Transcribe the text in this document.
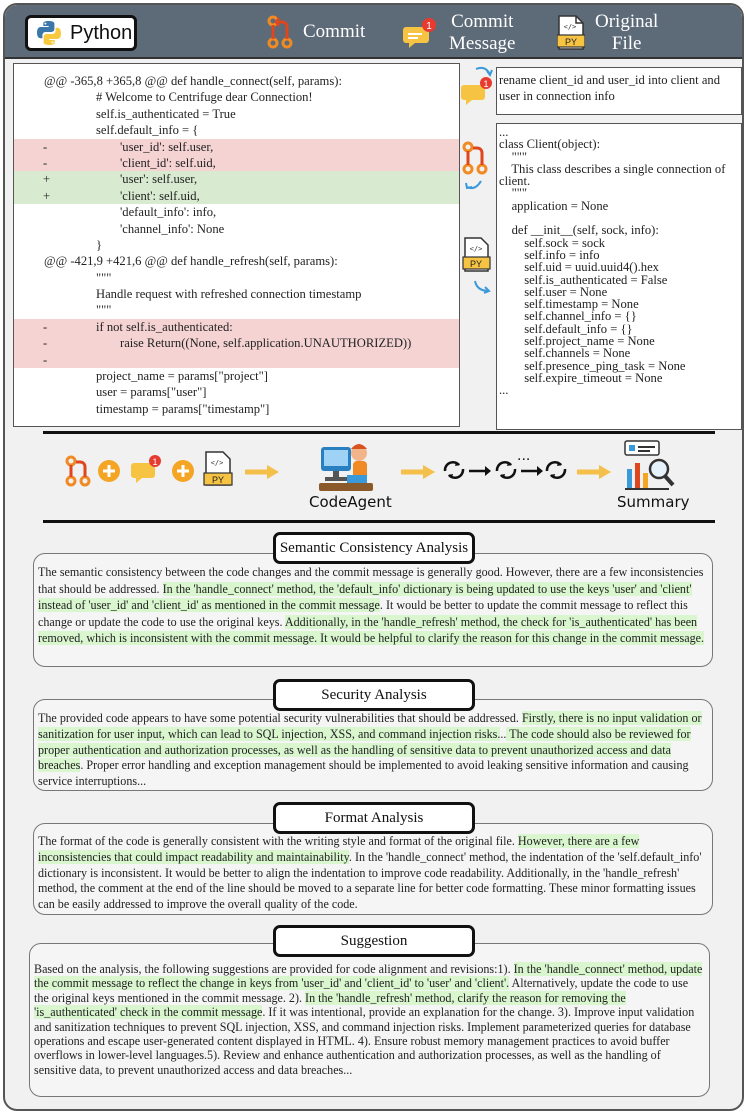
Python	Commit	1 Commit
Message
</>
PY
Original
File
@@ -365,8 +365,8 @@ def handle_connect(self, params):
# Welcome to Centrifuge dear Connection!
self.is_authenticated = True
self.default_info = {
-	'user_id': self.user,
-	'client_id': self.uid,
+	'user': self.user,
+	'client': self.uid,
'default_info': info,
'channel_info': None
}
@@ -421,9 +421,6 @@ def handle_refresh(self, params):
"""
Handle request with refreshed connection timestamp
"""
-	if not self.is_authenticated:
-	raise Return((None, self.application.UNAUTHORIZED))
-
project_name = params["project"]
user = params["user"]
timestamp = params["timestamp"]
rename client_id and user_id into client and user in connection info
...
class Client(object):
"""
This class describes a single connection of
client.
"""
application = None
def __init__(self, sock, info):
self.sock = sock
self.info = info
self.uid = uuid.uuid4().hex
self.is_authenticated = False
self.user = None
self.timestamp = None
self.channel_info = {}
self.default_info = {}
self.project_name = None
self.channels = None
self.presence_ping_task = None
self.expire_timeout = None
...
1
</>
PY
1	</>
PY
CodeAgent
...
Summary
The semantic consistency between the code changes and the commit message is generally good. However, there are a few inconsistencies that should be addressed. In the 'handle_connect' method, the 'default_info' dictionary is being updated to use the keys 'user' and 'client' instead of 'user_id' and 'client_id' as mentioned in the commit message. It would be better to update the commit message to reflect this change or update the code to use the original keys. Additionally, in the 'handle_refresh' method, the check for 'is_authenticated' has been removed, which is inconsistent with the commit message. It would be helpful to clarify the reason for this change in the commit message.
Semantic Consistency Analysis
The provided code appears to have some potential security vulnerabilities that should be addressed. Firstly, there is no input validation or sanitization for user input, which can lead to SQL injection, XSS, and command injection risks... The code should also be reviewed for proper authentication and authorization processes, as well as the handling of sensitive data to prevent unauthorized access and data breaches. Proper error handling and exception management should be implemented to avoid leaking sensitive information and causing service interruptions...
Security Analysis
The format of the code is generally consistent with the writing style and format of the original file. However, there are a few inconsistencies that could impact readability and maintainability. In the 'handle_connect' method, the indentation of the 'self.default_info' dictionary is inconsistent. It would be better to align the indentation to improve code readability. Additionally, in the 'handle_refresh' method, the comment at the end of the line should be moved to a separate line for better code formatting. These minor formatting issues can be easily addressed to improve the overall quality of the code.
Format Analysis
Based on the analysis, the following suggestions are provided for code alignment and revisions:1). In the 'handle_connect' method, update the commit message to reflect the change in keys from 'user_id' and 'client_id' to 'user' and 'client'. Alternatively, update the code to use the original keys mentioned in the commit message. 2). In the 'handle_refresh' method, clarify the reason for removing the 'is_authenticated' check in the commit message. If it was intentional, provide an explanation for the change. 3). Improve input validation and sanitization techniques to prevent SQL injection, XSS, and command injection risks. Implement parameterized queries for database operations and escape user-generated content displayed in HTML. 4). Ensure robust memory management practices to avoid buffer overflows in lower-level languages.5). Review and enhance authentication and authorization processes, as well as the handling of sensitive data, to prevent unauthorized access and data breaches...
Suggestion
